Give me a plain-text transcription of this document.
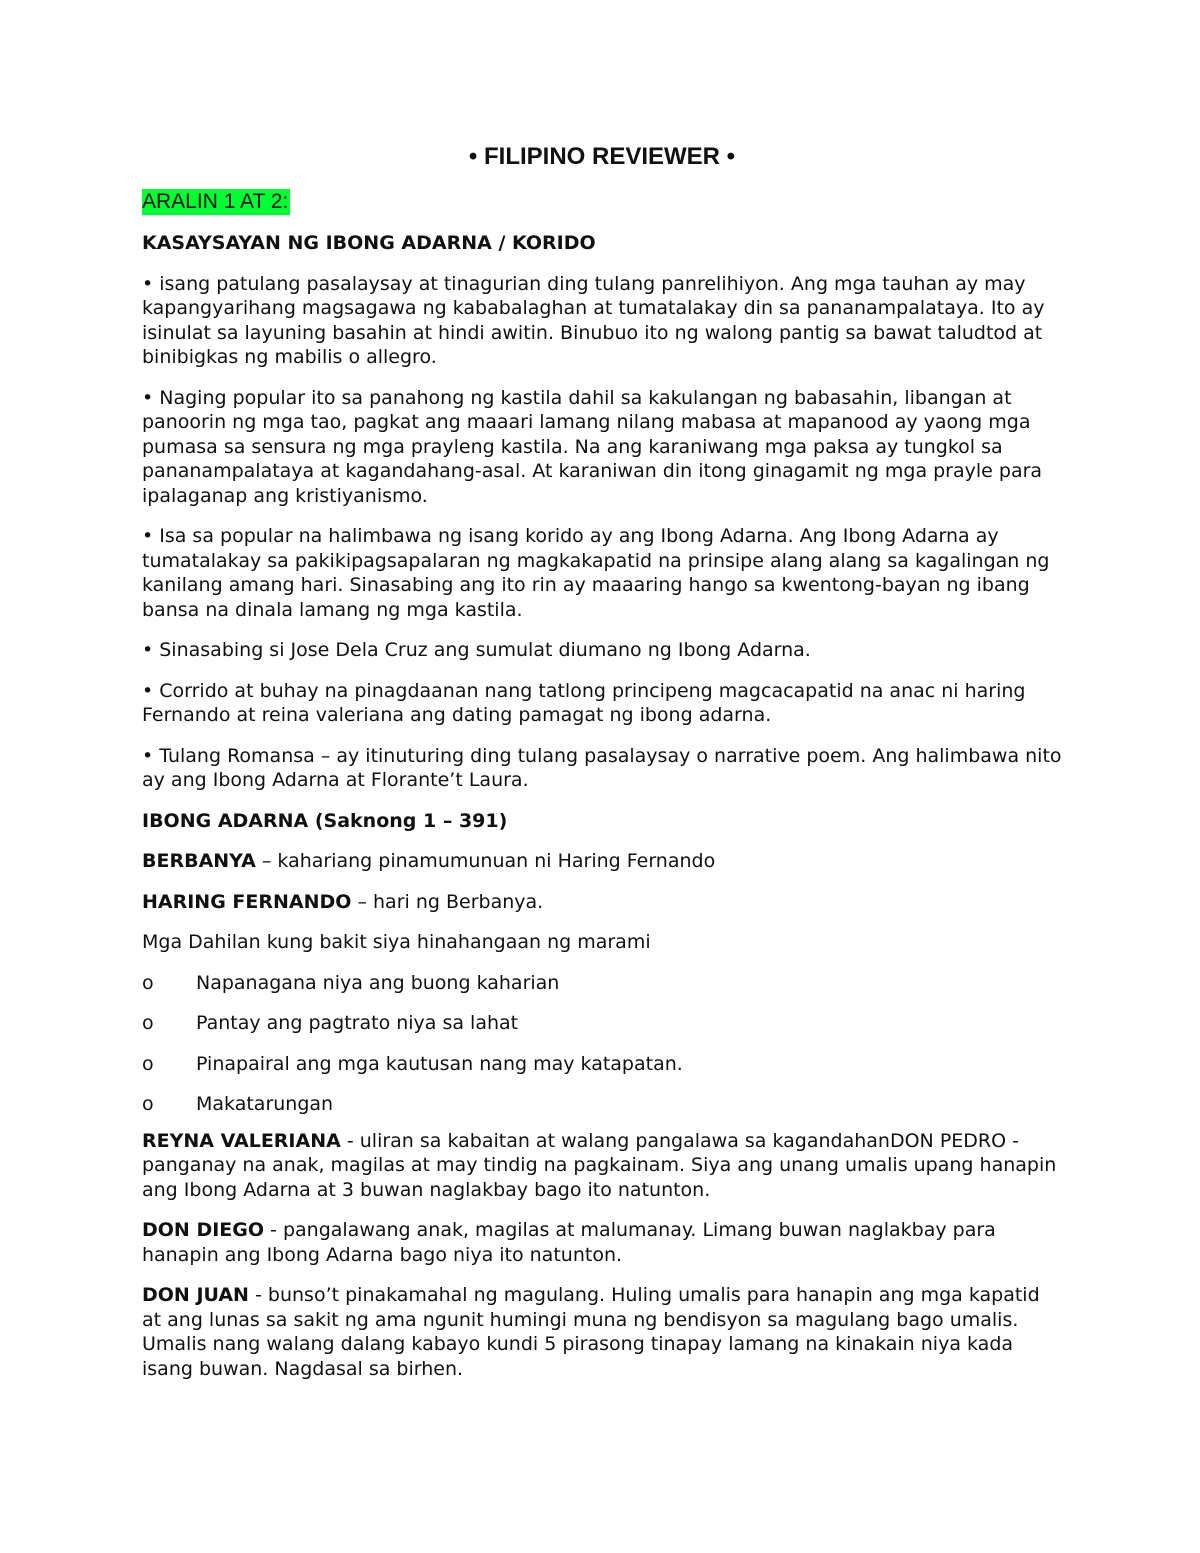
• FILIPINO REVIEWER •
ARALIN 1 AT 2:
KASAYSAYAN NG IBONG ADARNA / KORIDO
• isang patulang pasalaysay at tinagurian ding tulang panrelihiyon. Ang mga tauhan ay may kapangyarihang magsagawa ng kababalaghan at tumatalakay din sa pananampalataya. Ito ay isinulat sa layuning basahin at hindi awitin. Binubuo ito ng walong pantig sa bawat taludtod at binibigkas ng mabilis o allegro.
• Naging popular ito sa panahong ng kastila dahil sa kakulangan ng babasahin, libangan at panoorin ng mga tao, pagkat ang maaari lamang nilang mabasa at mapanood ay yaong mga pumasa sa sensura ng mga prayleng kastila. Na ang karaniwang mga paksa ay tungkol sa pananampalataya at kagandahang-asal. At karaniwan din itong ginagamit ng mga prayle para ipalaganap ang kristiyanismo.
• Isa sa popular na halimbawa ng isang korido ay ang Ibong Adarna. Ang Ibong Adarna ay tumatalakay sa pakikipagsapalaran ng magkakapatid na prinsipe alang alang sa kagalingan ng kanilang amang hari. Sinasabing ang ito rin ay maaaring hango sa kwentong-bayan ng ibang bansa na dinala lamang ng mga kastila.
• Sinasabing si Jose Dela Cruz ang sumulat diumano ng Ibong Adarna.
• Corrido at buhay na pinagdaanan nang tatlong principeng magcacapatid na anac ni haring Fernando at reina valeriana ang dating pamagat ng ibong adarna.
• Tulang Romansa – ay itinuturing ding tulang pasalaysay o narrative poem. Ang halimbawa nito ay ang Ibong Adarna at Florante’t Laura.
IBONG ADARNA (Saknong 1 – 391)
BERBANYA – kahariang pinamumunuan ni Haring Fernando
HARING FERNANDO – hari ng Berbanya.
Mga Dahilan kung bakit siya hinahangaan ng marami
o	Napanagana niya ang buong kaharian
o	Pantay ang pagtrato niya sa lahat
o	Pinapairal ang mga kautusan nang may katapatan.
o	Makatarungan
REYNA VALERIANA - uliran sa kabaitan at walang pangalawa sa kagandahanDON PEDRO - panganay na anak, magilas at may tindig na pagkainam. Siya ang unang umalis upang hanapin ang Ibong Adarna at 3 buwan naglakbay bago ito natunton.
DON DIEGO - pangalawang anak, magilas at malumanay. Limang buwan naglakbay para hanapin ang Ibong Adarna bago niya ito natunton.
DON JUAN - bunso’t pinakamahal ng magulang. Huling umalis para hanapin ang mga kapatid at ang lunas sa sakit ng ama ngunit humingi muna ng bendisyon sa magulang bago umalis. Umalis nang walang dalang kabayo kundi 5 pirasong tinapay lamang na kinakain niya kada isang buwan. Nagdasal sa birhen.
